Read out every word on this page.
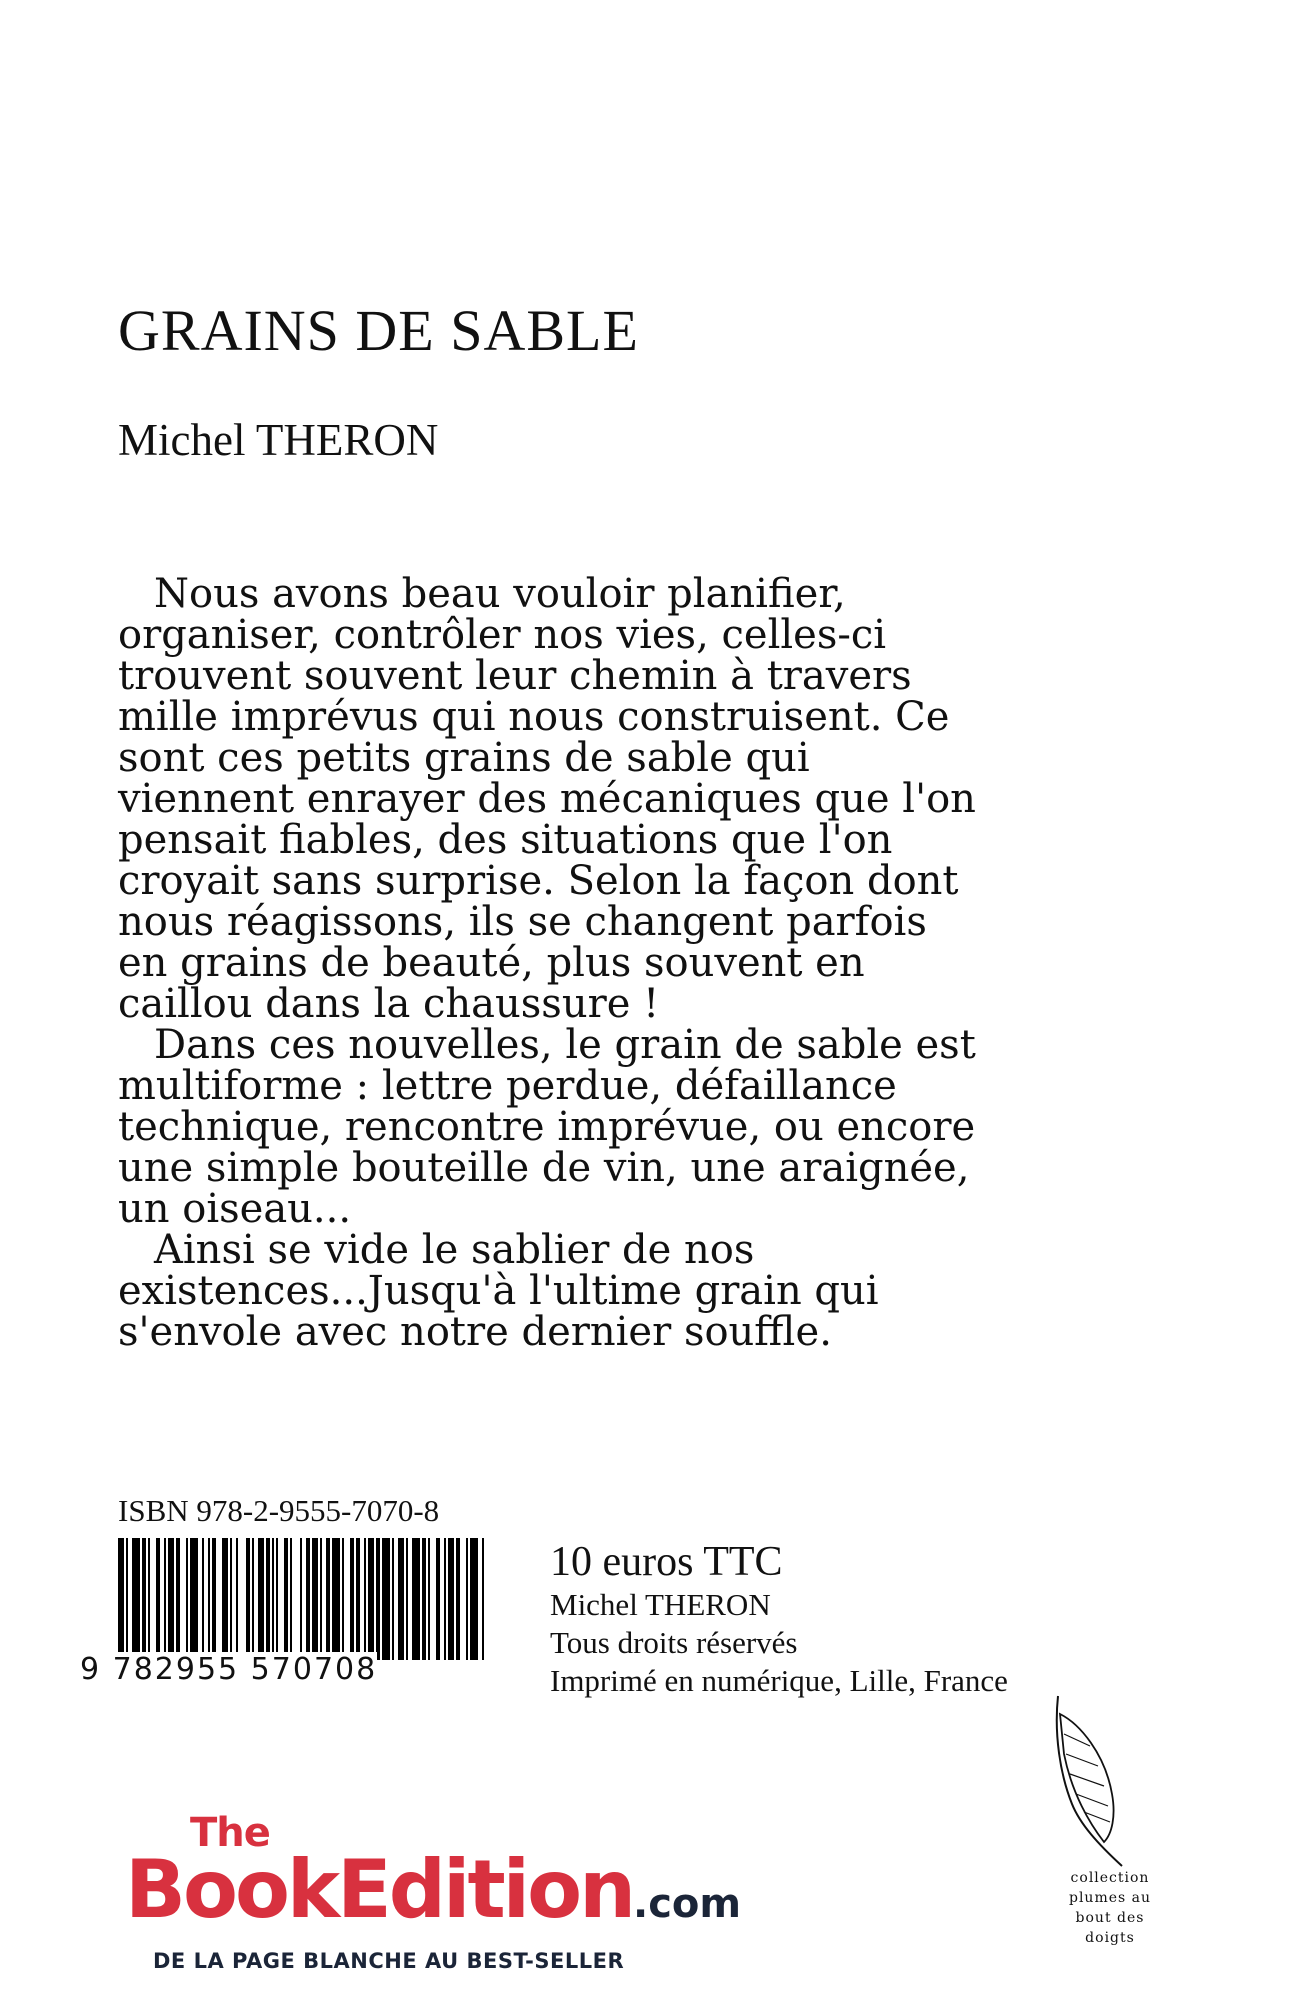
GRAINS DE SABLE
Michel THERON

Nous avons beau vouloir planifier, organiser, contrôler nos vies, celles-ci trouvent souvent leur chemin à travers mille imprévus qui nous construisent. Ce sont ces petits grains de sable qui viennent enrayer des mécaniques que l'on pensait fiables, des situations que l'on croyait sans surprise. Selon la façon dont nous réagissons, ils se changent parfois en grains de beauté, plus souvent en caillou dans la chaussure !

Dans ces nouvelles, le grain de sable est multiforme : lettre perdue, défaillance technique, rencontre imprévue, ou encore une simple bouteille de vin, une araignée, un oiseau...

Ainsi se vide le sablier de nos existences...Jusqu'à l'ultime grain qui s'envole avec notre dernier souffle.

ISBN 978-2-9555-7070-8
9 782955 570708
10 euros TTC
Michel THERON
Tous droits réservés
Imprimé en numérique, Lille, France
collection
plumes au
bout des
doigts
The
BookEdition.com
DE LA PAGE BLANCHE AU BEST-SELLER
